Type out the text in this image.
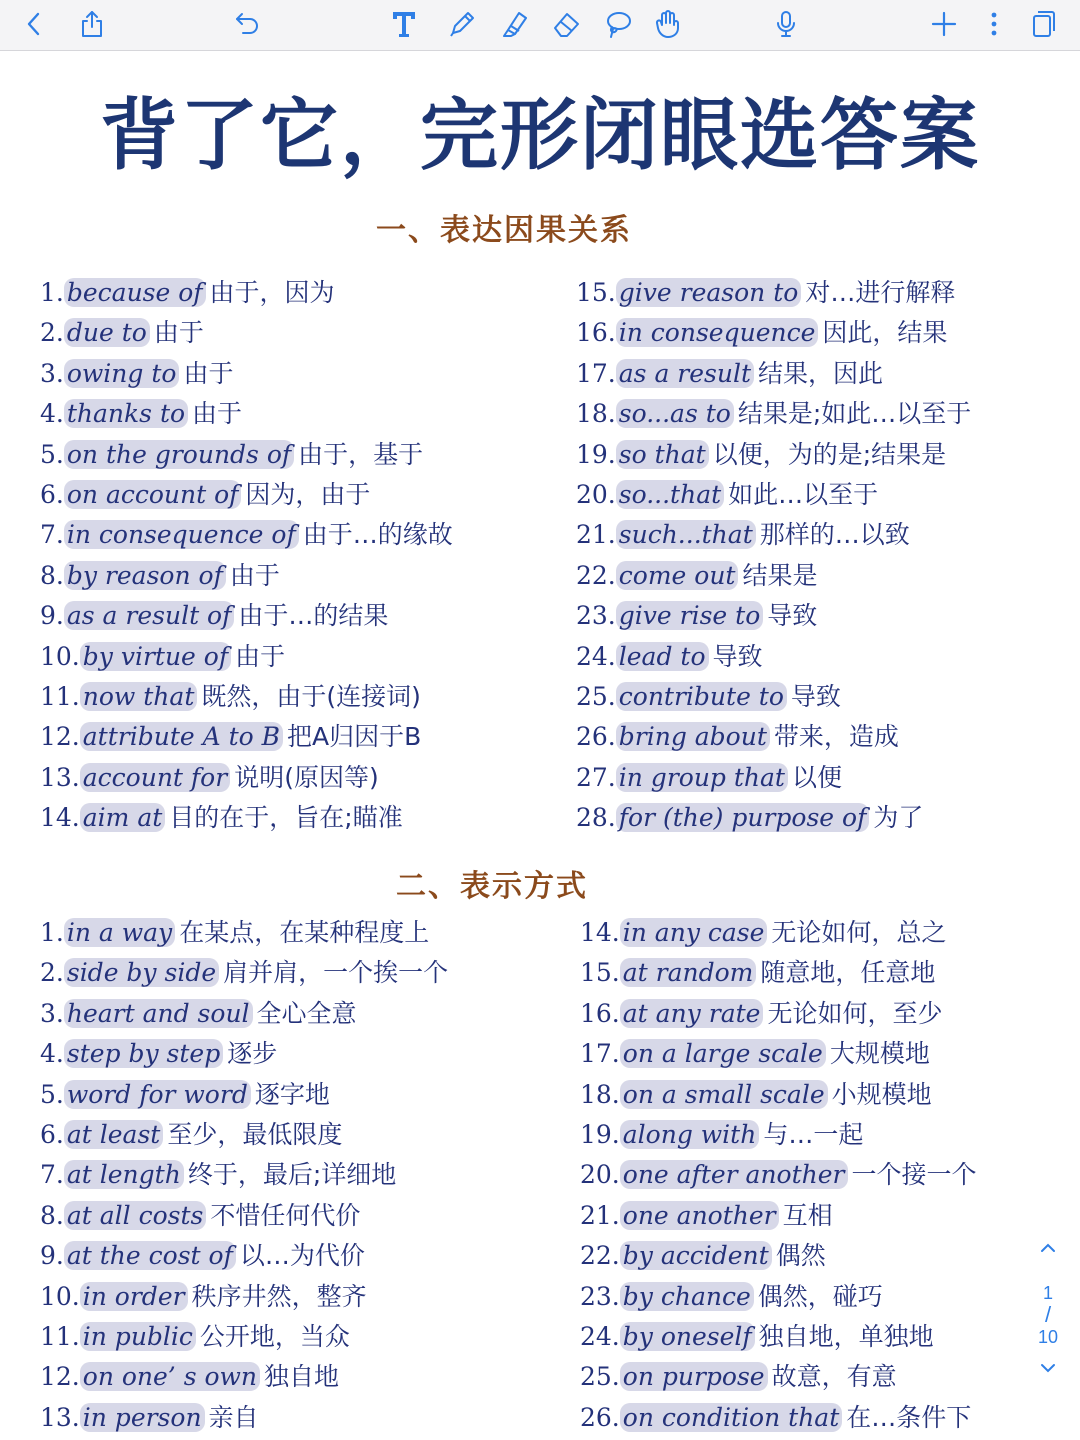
背了它，完形闭眼选答案
一、表达因果关系
1. because of 由于，因为
2. due to 由于
3. owing to 由于
4. thanks to 由于
5. on the grounds of 由于，基于
6. on account of 因为，由于
7. in consequence of 由于…的缘故
8. by reason of 由于
9. as a result of 由于…的结果
10. by virtue of 由于
11. now that 既然，由于(连接词)
12. attribute A to B 把A归因于B
13. account for 说明(原因等)
14. aim at 目的在于，旨在;瞄准
15. give reason to 对…进行解释
16. in consequence 因此，结果
17. as a result 结果，因此
18. so...as to 结果是;如此…以至于
19. so that 以便，为的是;结果是
20. so...that 如此…以至于
21. such...that 那样的…以致
22. come out 结果是
23. give rise to 导致
24. lead to 导致
25. contribute to 导致
26. bring about 带来，造成
27. in group that 以便
28. for (the) purpose of 为了
二、表示方式
1. in a way 在某点，在某种程度上
2. side by side 肩并肩，一个挨一个
3. heart and soul 全心全意
4. step by step 逐步
5. word for word 逐字地
6. at least 至少，最低限度
7. at length 终于，最后;详细地
8. at all costs 不惜任何代价
9. at the cost of 以…为代价
10. in order 秩序井然，整齐
11. in public 公开地，当众
12. on one’ s own 独自地
13. in person 亲自
14. in any case 无论如何，总之
15. at random 随意地，任意地
16. at any rate 无论如何，至少
17. on a large scale 大规模地
18. on a small scale 小规模地
19. along with 与…一起
20. one after another 一个接一个
21. one another 互相
22. by accident 偶然
23. by chance 偶然，碰巧
24. by oneself 独自地，单独地
25. on purpose 故意，有意
26. on condition that 在…条件下
1
/
10
